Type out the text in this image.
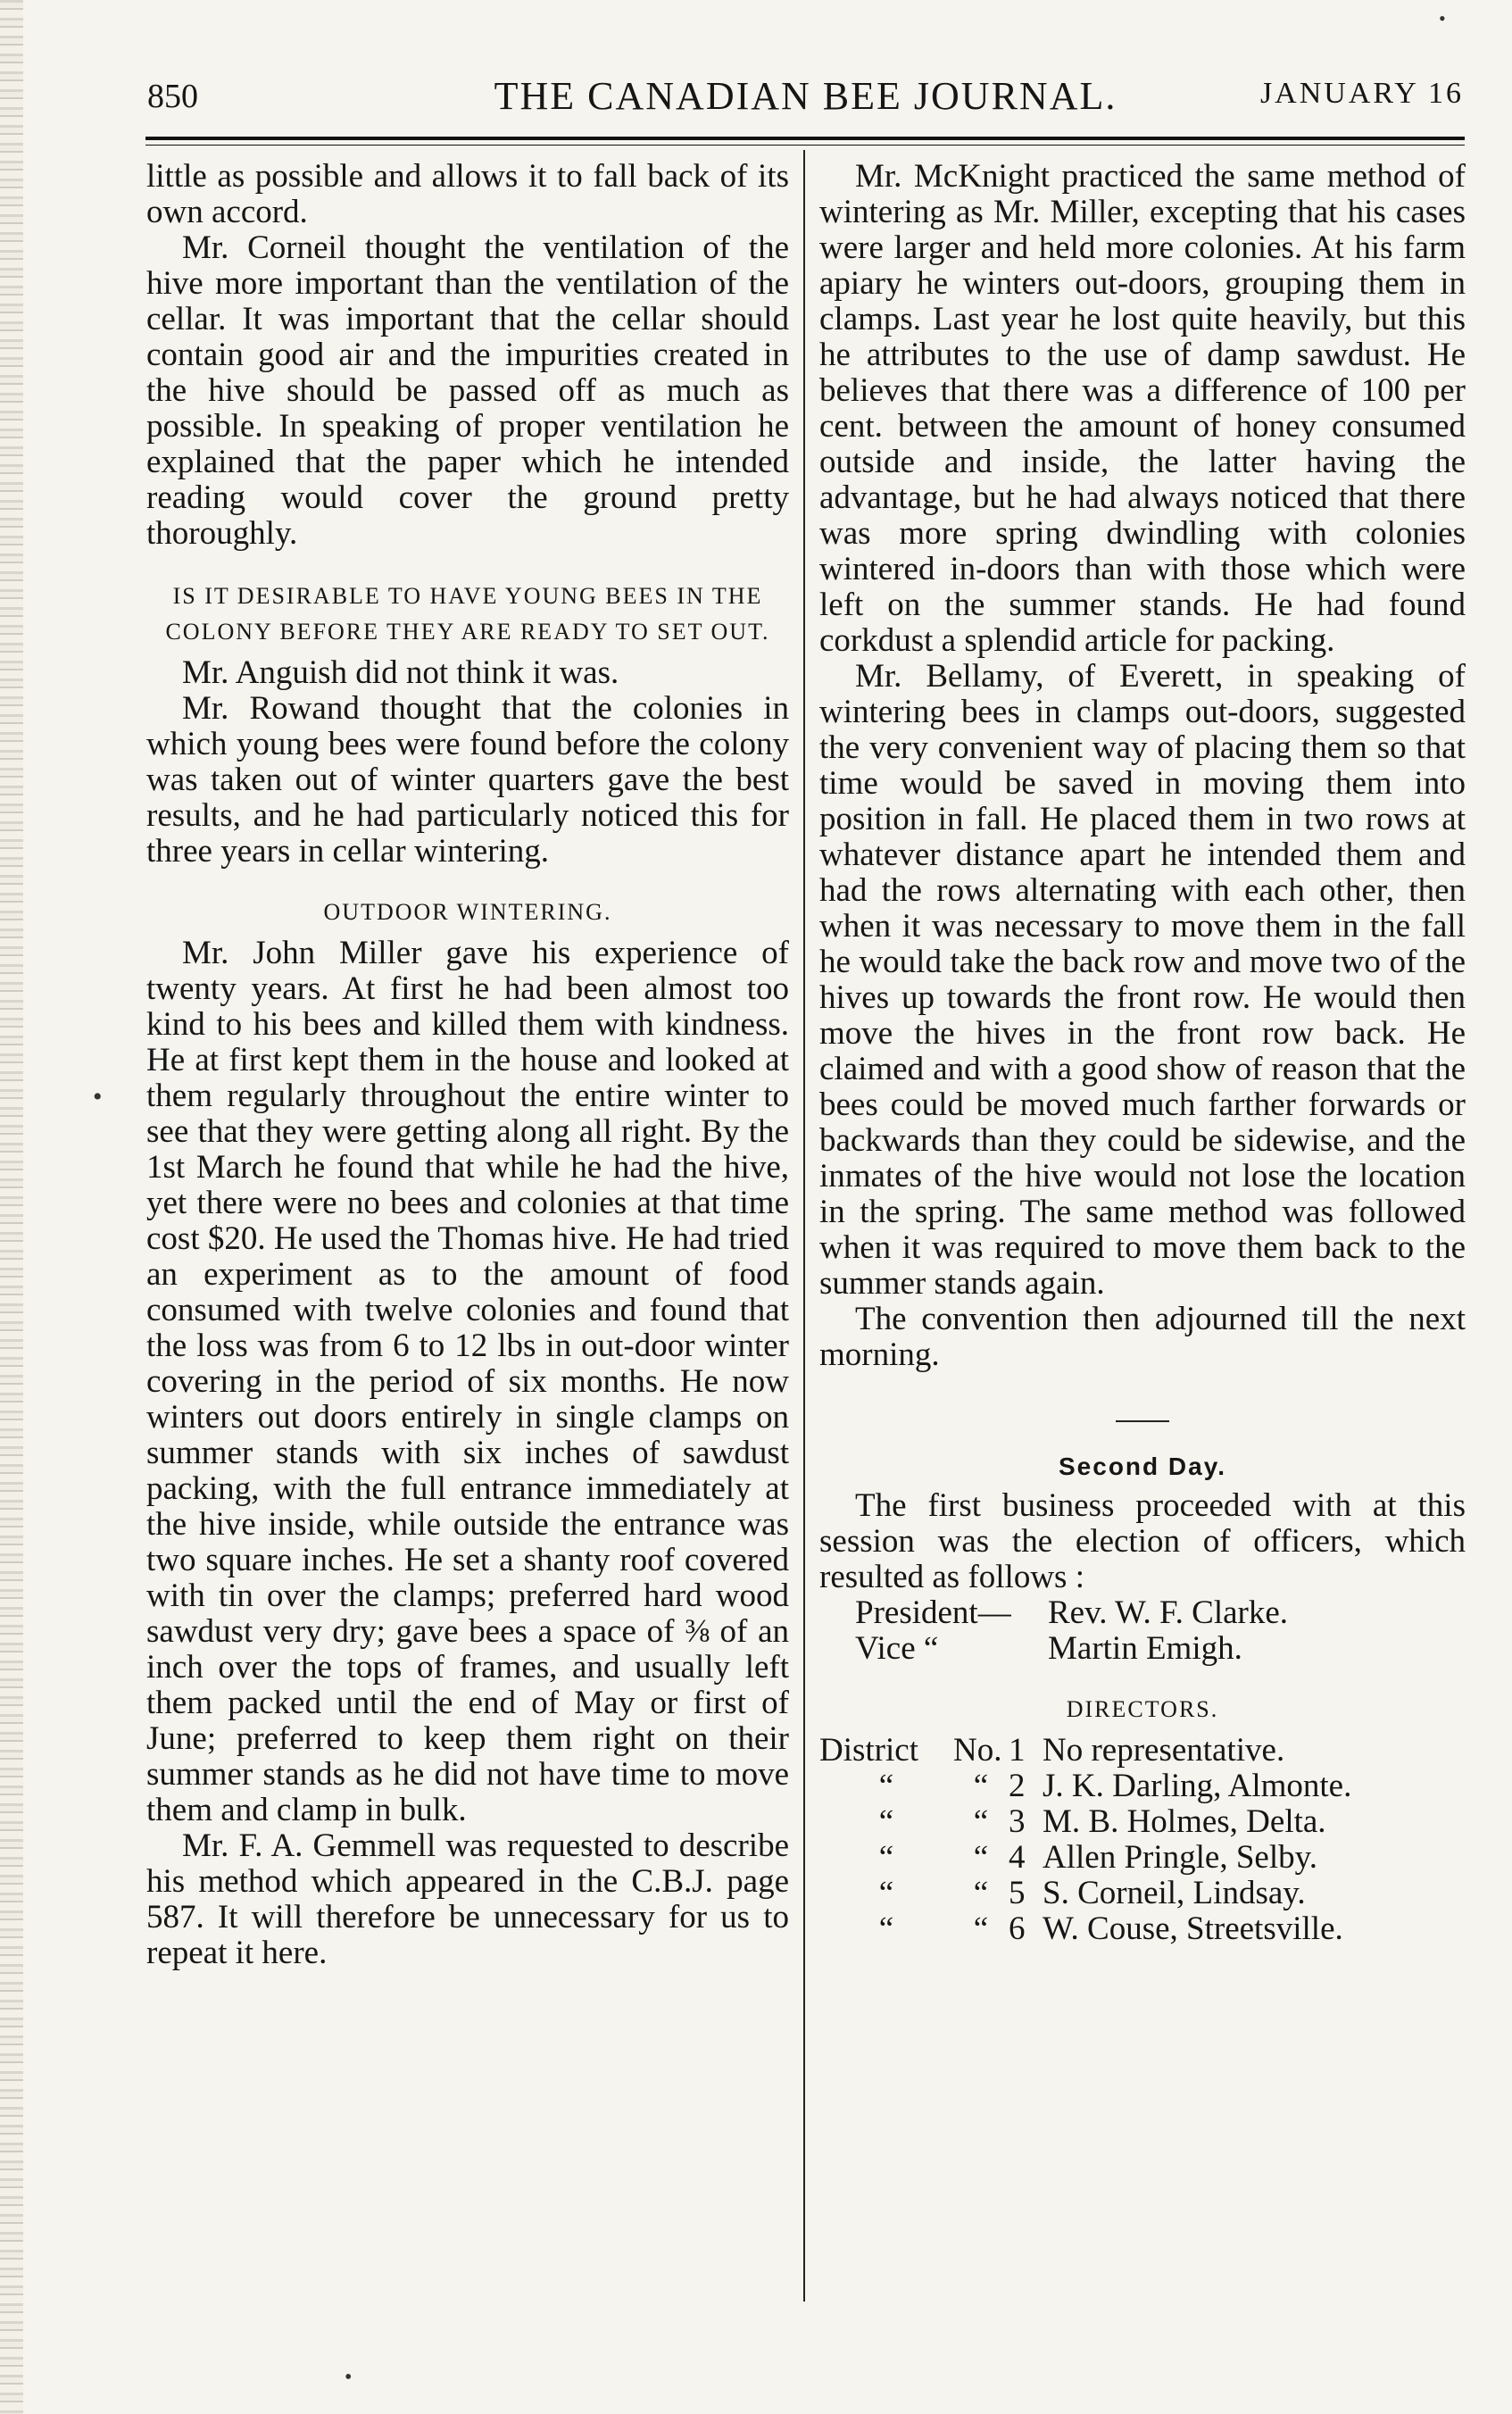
850	THE CANADIAN BEE JOURNAL.	JANUARY 16

little as possible and allows it to fall back of its own accord.

Mr. Corneil thought the ventilation of the hive more important than the ventilation of the cellar. It was important that the cellar should contain good air and the impurities created in the hive should be passed off as much as possible. In speaking of proper ventilation he explained that the paper which he intended reading would cover the ground pretty thoroughly.

IS IT DESIRABLE TO HAVE YOUNG BEES IN THE COLONY BEFORE THEY ARE READY TO SET OUT.

Mr. Anguish did not think it was.

Mr. Rowand thought that the colonies in which young bees were found before the colony was taken out of winter quarters gave the best results, and he had particularly noticed this for three years in cellar wintering.

OUTDOOR WINTERING.

Mr. John Miller gave his experience of twenty years. At first he had been almost too kind to his bees and killed them with kindness. He at first kept them in the house and looked at them regularly throughout the entire winter to see that they were getting along all right. By the 1st March he found that while he had the hive, yet there were no bees and colonies at that time cost $20. He used the Thomas hive. He had tried an experiment as to the amount of food consumed with twelve colonies and found that the loss was from 6 to 12 lbs in out-door winter covering in the period of six months. He now winters out doors entirely in single clamps on summer stands with six inches of sawdust packing, with the full entrance immediately at the hive inside, while outside the entrance was two square inches. He set a shanty roof covered with tin over the clamps; preferred hard wood sawdust very dry; gave bees a space of ⅜ of an inch over the tops of frames, and usually left them packed until the end of May or first of June; preferred to keep them right on their summer stands as he did not have time to move them and clamp in bulk.

Mr. F. A. Gemmell was requested to describe his method which appeared in the C.B.J. page 587. It will therefore be unnecessary for us to repeat it here.

Mr. McKnight practiced the same method of wintering as Mr. Miller, excepting that his cases were larger and held more colonies. At his farm apiary he winters out-doors, grouping them in clamps. Last year he lost quite heavily, but this he attributes to the use of damp sawdust. He believes that there was a difference of 100 per cent. between the amount of honey consumed outside and inside, the latter having the advantage, but he had always noticed that there was more spring dwindling with colonies wintered in-doors than with those which were left on the summer stands. He had found corkdust a splendid article for packing.

Mr. Bellamy, of Everett, in speaking of wintering bees in clamps out-doors, suggested the very convenient way of placing them so that time would be saved in moving them into position in fall. He placed them in two rows at whatever distance apart he intended them and had the rows alternating with each other, then when it was necessary to move them in the fall he would take the back row and move two of the hives up towards the front row. He would then move the hives in the front row back. He claimed and with a good show of reason that the bees could be moved much farther forwards or backwards than they could be sidewise, and the inmates of the hive would not lose the location in the spring. The same method was followed when it was required to move them back to the summer stands again.

The convention then adjourned till the next morning.

Second Day.

The first business proceeded with at this session was the election of officers, which resulted as follows :

President—	Rev. W. F. Clarke.
Vice “	Martin Emigh.
DIRECTORS.
District	No. 1 No representative.
“	“ 2 J. K. Darling, Almonte.
“	“ 3 M. B. Holmes, Delta.
“	“ 4 Allen Pringle, Selby.
“	“ 5 S. Corneil, Lindsay.
“	“ 6 W. Couse, Streetsville.
•
•
•
